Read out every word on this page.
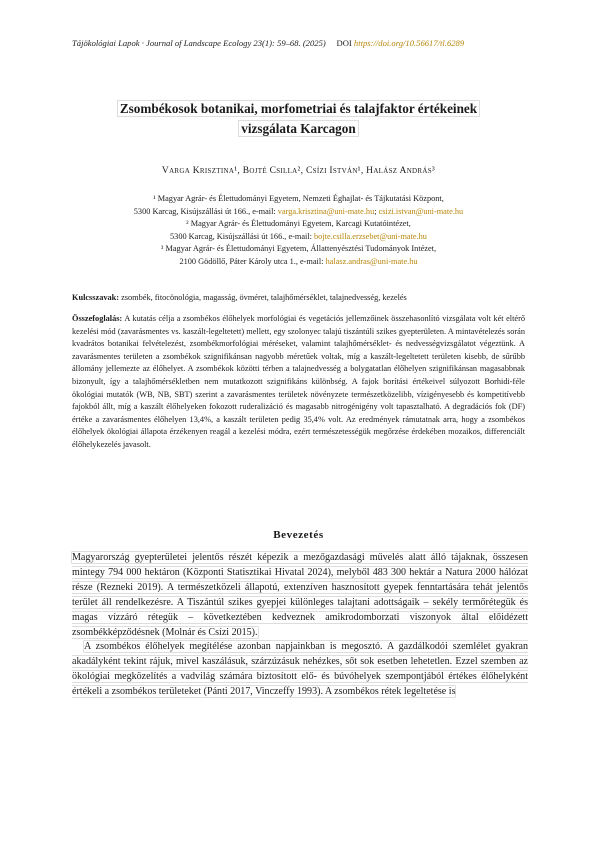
Tájökológiai Lapok · Journal of Landscape Ecology 23(1): 59–68. (2025) DOI https://doi.org/10.56617/tl.6289
Zsombékosok botanikai, morfometriai és talajfaktor értékeinek
vizsgálata Karcagon
Varga Krisztina¹, Bojté Csilla², Csízi István¹, Halász András³
¹ Magyar Agrár- és Élettudományi Egyetem, Nemzeti Éghajlat- és Tájkutatási Központ,
5300 Karcag, Kisújszállási út 166., e-mail: varga.krisztina@uni-mate.hu; csizi.istvan@uni-mate.hu
² Magyar Agrár- és Élettudományi Egyetem, Karcagi Kutatóintézet,
5300 Karcag, Kisújszállási út 166., e-mail: bojte.csilla.erzsebet@uni-mate.hu
³ Magyar Agrár- és Élettudományi Egyetem, Állattenyésztési Tudományok Intézet,
2100 Gödöllő, Páter Károly utca 1., e-mail: halasz.andras@uni-mate.hu
Kulcsszavak: zsombék, fitocönológia, magasság, övméret, talajhőmérséklet, talajnedvesség, kezelés
Összefoglalás: A kutatás célja a zsombékos élőhelyek morfológiai és vegetációs jellemzőinek összehasonlító vizsgálata volt két eltérő kezelési mód (zavarásmentes vs. kaszált-legeltetett) mellett, egy szolonyec talajú tiszántúli szikes gyepterületen. A mintavételezés során kvadrátos botanikai felvételezést, zsombékmorfológiai méréseket, valamint talajhőmérséklet- és nedvességvizsgálatot végeztünk. A zavarásmentes területen a zsombékok szignifikánsan nagyobb méretűek voltak, míg a kaszált-legeltetett területen kisebb, de sűrűbb állomány jellemezte az élőhelyet. A zsombékok közötti térben a talajnedvesség a bolygatatlan élőhelyen szignifikánsan magasabbnak bizonyult, így a talajhőmérsékletben nem mutatkozott szignifikáns különbség. A fajok borítási értékeivel súlyozott Borhidi-féle ökológiai mutatók (WB, NB, SBT) szerint a zavarásmentes területek növényzete természetközelibb, vízigényesebb és kompetitívebb fajokból állt, míg a kaszált élőhelyeken fokozott ruderalizáció és magasabb nitrogénigény volt tapasztalható. A degradációs fok (DF) értéke a zavarásmentes élőhelyen 13,4%, a kaszált területen pedig 35,4% volt. Az eredmények rámutatnak arra, hogy a zsombékos élőhelyek ökológiai állapota érzékenyen reagál a kezelési módra, ezért természetességük megőrzése érdekében mozaikos, differenciált élőhelykezelés javasolt.
Bevezetés

Magyarország gyepterületei jelentős részét képezik a mezőgazdasági művelés alatt álló tájaknak, összesen mintegy 794 000 hektáron (Központi Statisztikai Hivatal 2024), melyből 483 300 hektár a Natura 2000 hálózat része (Rezneki 2019). A természetközeli állapotú, extenzíven hasznosított gyepek fenntartására tehát jelentős terület áll rendelkezésre. A Tiszántúl szikes gyepjei különleges talajtani adottságaik – sekély termőrétegük és magas vízzáró rétegük – következtében kedveznek amikrodomborzati viszonyok által előidézett zsombékképződésnek (Molnár és Csízi 2015).

A zsombékos élőhelyek megítélése azonban napjainkban is megosztó. A gazdálkodói szemlélet gyakran akadályként tekint rájuk, mivel kaszálásuk, szárzúzásuk nehézkes, sőt sok esetben lehetetlen. Ezzel szemben az ökológiai megközelítés a vadvilág számára biztosított elő- és búvóhelyek szempontjából értékes élőhelyként értékeli a zsombékos területeket (Pánti 2017, Vinczeffy 1993). A zsombékos rétek legeltetése is
